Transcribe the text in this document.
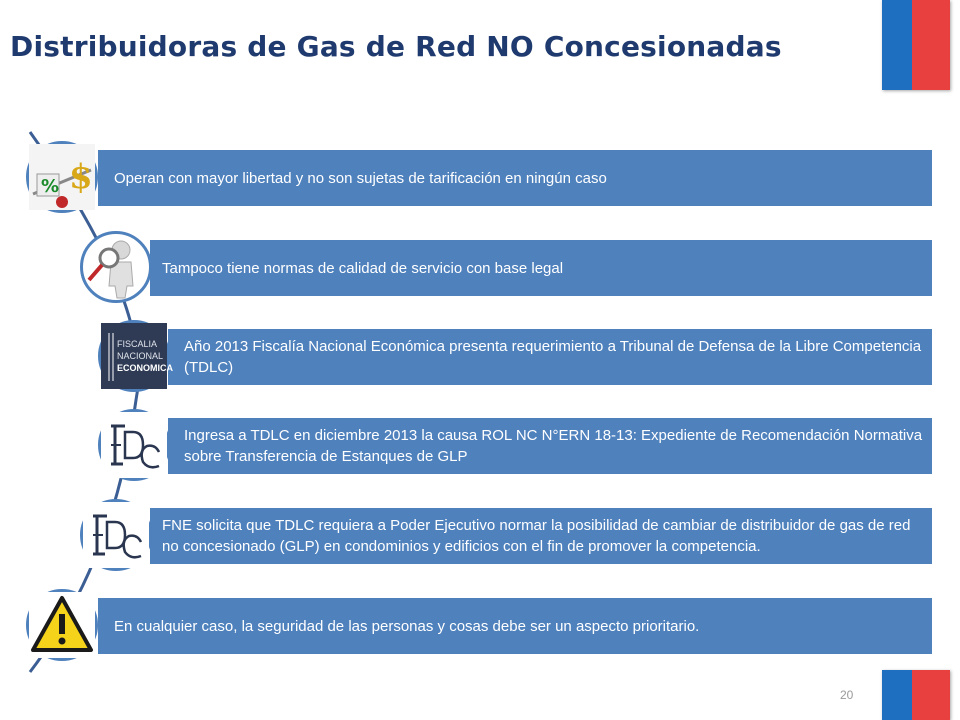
Distribuidoras de Gas de Red NO Concesionadas
Operan con mayor libertad y no son sujetas de tarificación en ningún caso
% $
Tampoco tiene normas de calidad de servicio con base legal
Año 2013 Fiscalía Nacional Económica presenta requerimiento a Tribunal de Defensa de la Libre Competencia (TDLC)
FISCALIA
NACIONAL
ECONOMICA
Ingresa a TDLC en diciembre 2013 la causa ROL NC N°ERN 18-13: Expediente de Recomendación Normativa sobre Transferencia de Estanques de GLP
FNE solicita que TDLC requiera a Poder Ejecutivo normar la posibilidad de cambiar de distribuidor de gas de red no concesionado (GLP) en condominios y edificios con el fin de promover la competencia.
En cualquier caso, la seguridad de las personas y cosas debe ser un aspecto prioritario.
20
